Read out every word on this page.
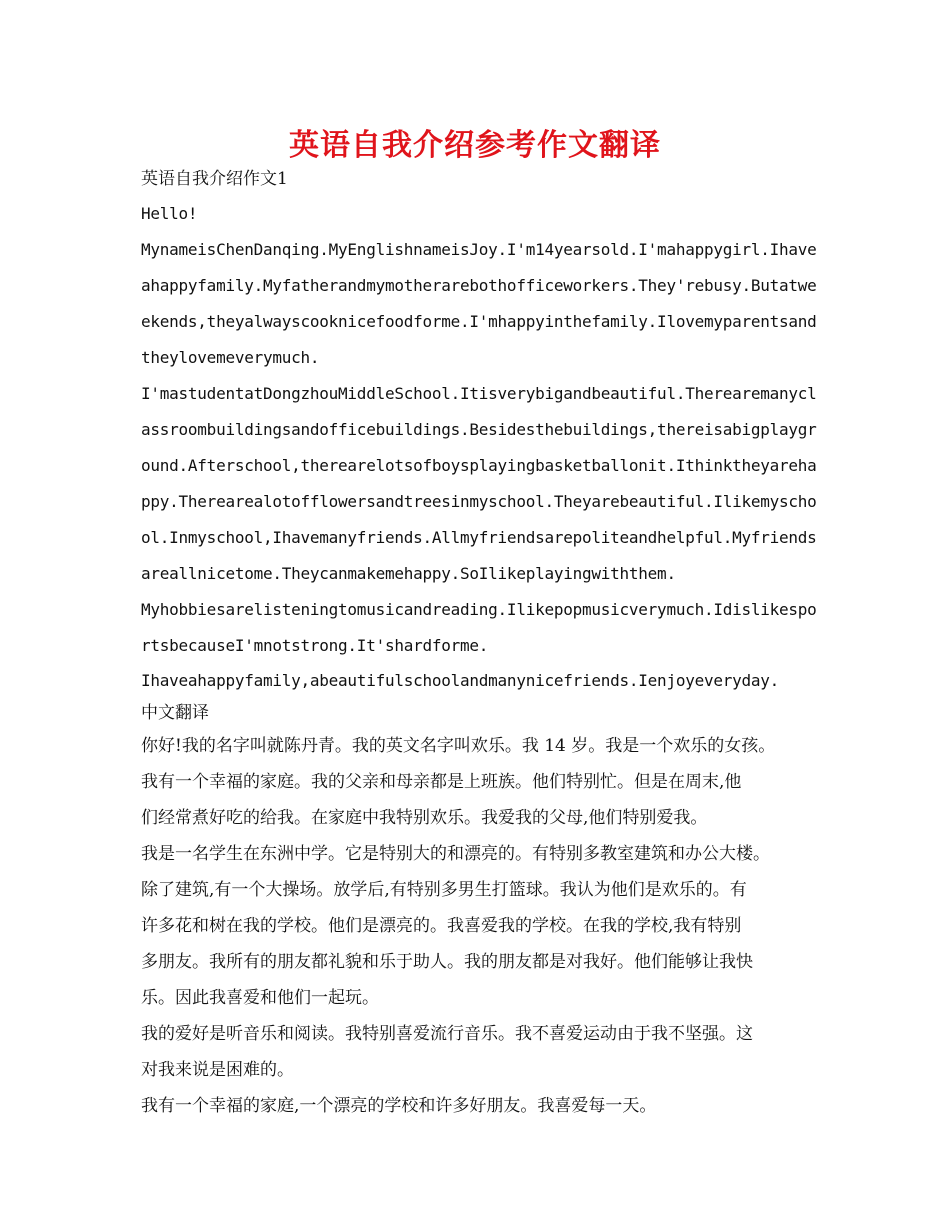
英语自我介绍参考作文翻译
英语自我介绍作文1
Hello!
MynameisChenDanqing.MyEnglishnameisJoy.I'm14yearsold.I'mahappygirl.Ihave
ahappyfamily.Myfatherandmymotherarebothofficeworkers.They'rebusy.Butatwe
ekends,theyalwayscooknicefoodforme.I'mhappyinthefamily.Ilovemyparentsand
theylovemeverymuch.
I'mastudentatDongzhouMiddleSchool.Itisverybigandbeautiful.Therearemanycl
assroombuildingsandofficebuildings.Besidesthebuildings,thereisabigplaygr
ound.Afterschool,therearelotsofboysplayingbasketballonit.Ithinktheyareha
ppy.Therearealotofflowersandtreesinmyschool.Theyarebeautiful.Ilikemyscho
ol.Inmyschool,Ihavemanyfriends.Allmyfriendsarepoliteandhelpful.Myfriends
areallnicetome.Theycanmakemehappy.SoIlikeplayingwiththem.
Myhobbiesarelisteningtomusicandreading.Ilikepopmusicverymuch.Idislikespo
rtsbecauseI'mnotstrong.It'shardforme.
Ihaveahappyfamily,abeautifulschoolandmanynicefriends.Ienjoyeveryday.
中文翻译
你好!我的名字叫就陈丹青。我的英文名字叫欢乐。我 14 岁。我是一个欢乐的女孩。
我有一个幸福的家庭。我的父亲和母亲都是上班族。他们特别忙。但是在周末,他
们经常煮好吃的给我。在家庭中我特别欢乐。我爱我的父母,他们特别爱我。
我是一名学生在东洲中学。它是特别大的和漂亮的。有特别多教室建筑和办公大楼。
除了建筑,有一个大操场。放学后,有特别多男生打篮球。我认为他们是欢乐的。有
许多花和树在我的学校。他们是漂亮的。我喜爱我的学校。在我的学校,我有特别
多朋友。我所有的朋友都礼貌和乐于助人。我的朋友都是对我好。他们能够让我快
乐。因此我喜爱和他们一起玩。
我的爱好是听音乐和阅读。我特别喜爱流行音乐。我不喜爱运动由于我不坚强。这
对我来说是困难的。
我有一个幸福的家庭,一个漂亮的学校和许多好朋友。我喜爱每一天。
